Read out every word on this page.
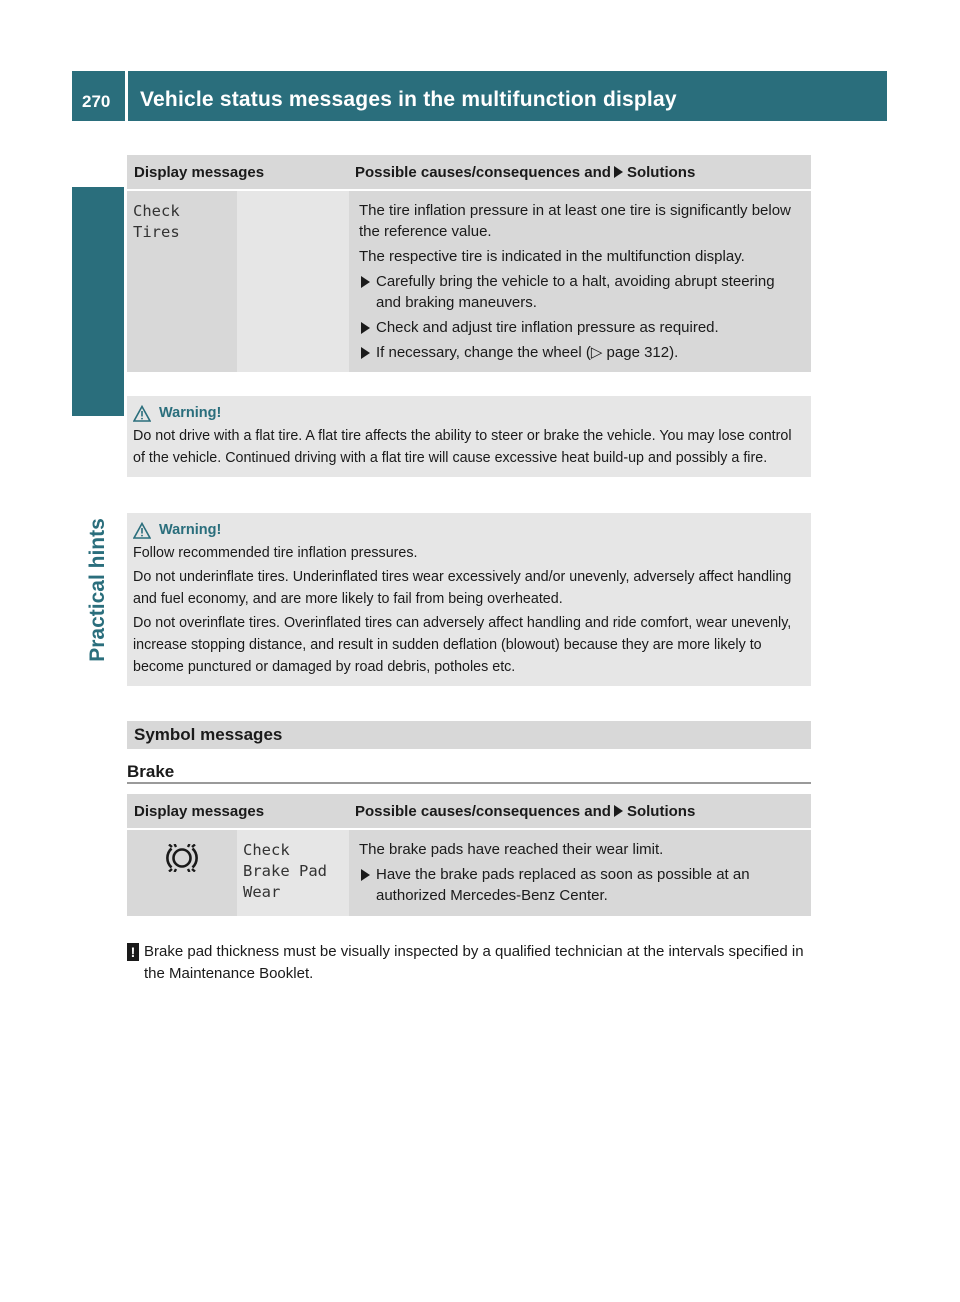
270 Vehicle status messages in the multifunction display
Practical hints
Display messages	Possible causes/consequences and Solutions
Check
Tires
The tire inflation pressure in at least one tire is significantly below the reference value.
The respective tire is indicated in the multifunction display.
Carefully bring the vehicle to a halt, avoiding abrupt steering and braking maneuvers.
Check and adjust tire inflation pressure as required.
If necessary, change the wheel (▷ page 312).
Warning!
Do not drive with a flat tire. A flat tire affects the ability to steer or brake the vehicle. You may lose control of the vehicle. Continued driving with a flat tire will cause excessive heat build-up and possibly a fire.
Warning!
Follow recommended tire inflation pressures.
Do not underinflate tires. Underinflated tires wear excessively and/or unevenly, adversely affect handling and fuel economy, and are more likely to fail from being overheated.
Do not overinflate tires. Overinflated tires can adversely affect handling and ride comfort, wear unevenly, increase stopping distance, and result in sudden deflation (blowout) because they are more likely to become punctured or damaged by road debris, potholes etc.
Symbol messages
Brake
Display messages	Possible causes/consequences and Solutions
Check
Brake Pad
Wear
The brake pads have reached their wear limit.
Have the brake pads replaced as soon as possible at an authorized Mercedes-Benz Center.
! Brake pad thickness must be visually inspected by a qualified technician at the intervals specified in the Maintenance Booklet.
